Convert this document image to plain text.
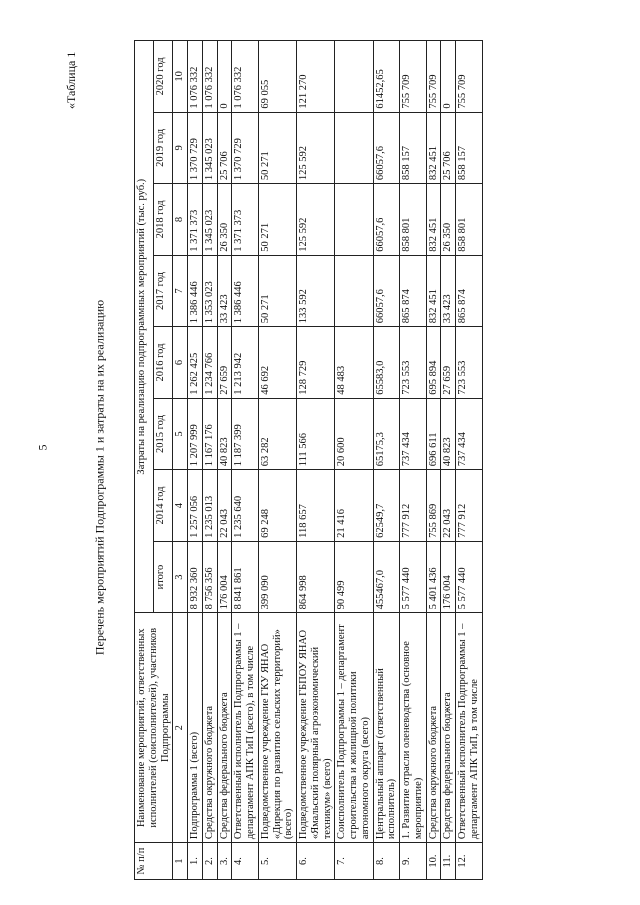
5
«Таблица 1
Перечень мероприятий Подпрограммы 1 и затраты на их реализацию
№ п/п	Наименование мероприятий, ответственных исполнителей (соисполнителей), участников Подпрограммы	Затраты на реализацию подпрограммных мероприятий (тыс. руб.)							
		итого	2014 год	2015 год	2016 год	2017 год	2018 год	2019 год	2020 год
1	2	3	4	5	6	7	8	9	10
1.	Подпрограмма 1 (всего)	8 932 360	1 257 056	1 207 999	1 262 425	1 386 446	1 371 373	1 370 729	1 076 332
2.	Средства окружного бюджета	8 756 356	1 235 013	1 167 176	1 234 766	1 353 023	1 345 023	1 345 023	1 076 332
3.	Средства федерального бюджета	176 004	22 043	40 823	27 659	33 423	26 350	25 706	0
4.	Ответственный исполнитель Подпрограммы 1 – департамент АПК ТиП (всего), в том числе	8 841 861	1 235 640	1 187 399	1 213 942	1 386 446	1 371 373	1 370 729	1 076 332
5.	Подведомственное учреждение ГКУ ЯНАО «Дирекция по развитию сельских территорий» (всего)	399 090	69 248	63 282	46 692	50 271	50 271	50 271	69 055
6.	Подведомственное учреждение ГБПОУ ЯНАО «Ямальский полярный агроэкономический техникум» (всего)	864 998	118 657	111 566	128 729	133 592	125 592	125 592	121 270
7.	Соисполнитель Подпрограммы 1 – департамент строительства и жилищной политики автономного округа (всего)	90 499	21 416	20 600	48 483				
8.	Центральный аппарат (ответственный исполнитель)	455467,0	62549,7	65175,3	65583,0	66057,6	66057,6	66057,6	61452,65
9.	1. Развитие отрасли оленеводства (основное мероприятие)	5 577 440	777 912	737 434	723 553	865 874	858 801	858 157	755 709
10.	Средства окружного бюджета	5 401 436	755 869	696 611	695 894	832 451	832 451	832 451	755 709
11.	Средства федерального бюджета	176 004	22 043	40 823	27 659	33 423	26 350	25 706	0
12.	Ответственный исполнитель Подпрограммы 1 – департамент АПК ТиП, в том числе	5 577 440	777 912	737 434	723 553	865 874	858 801	858 157	755 709
